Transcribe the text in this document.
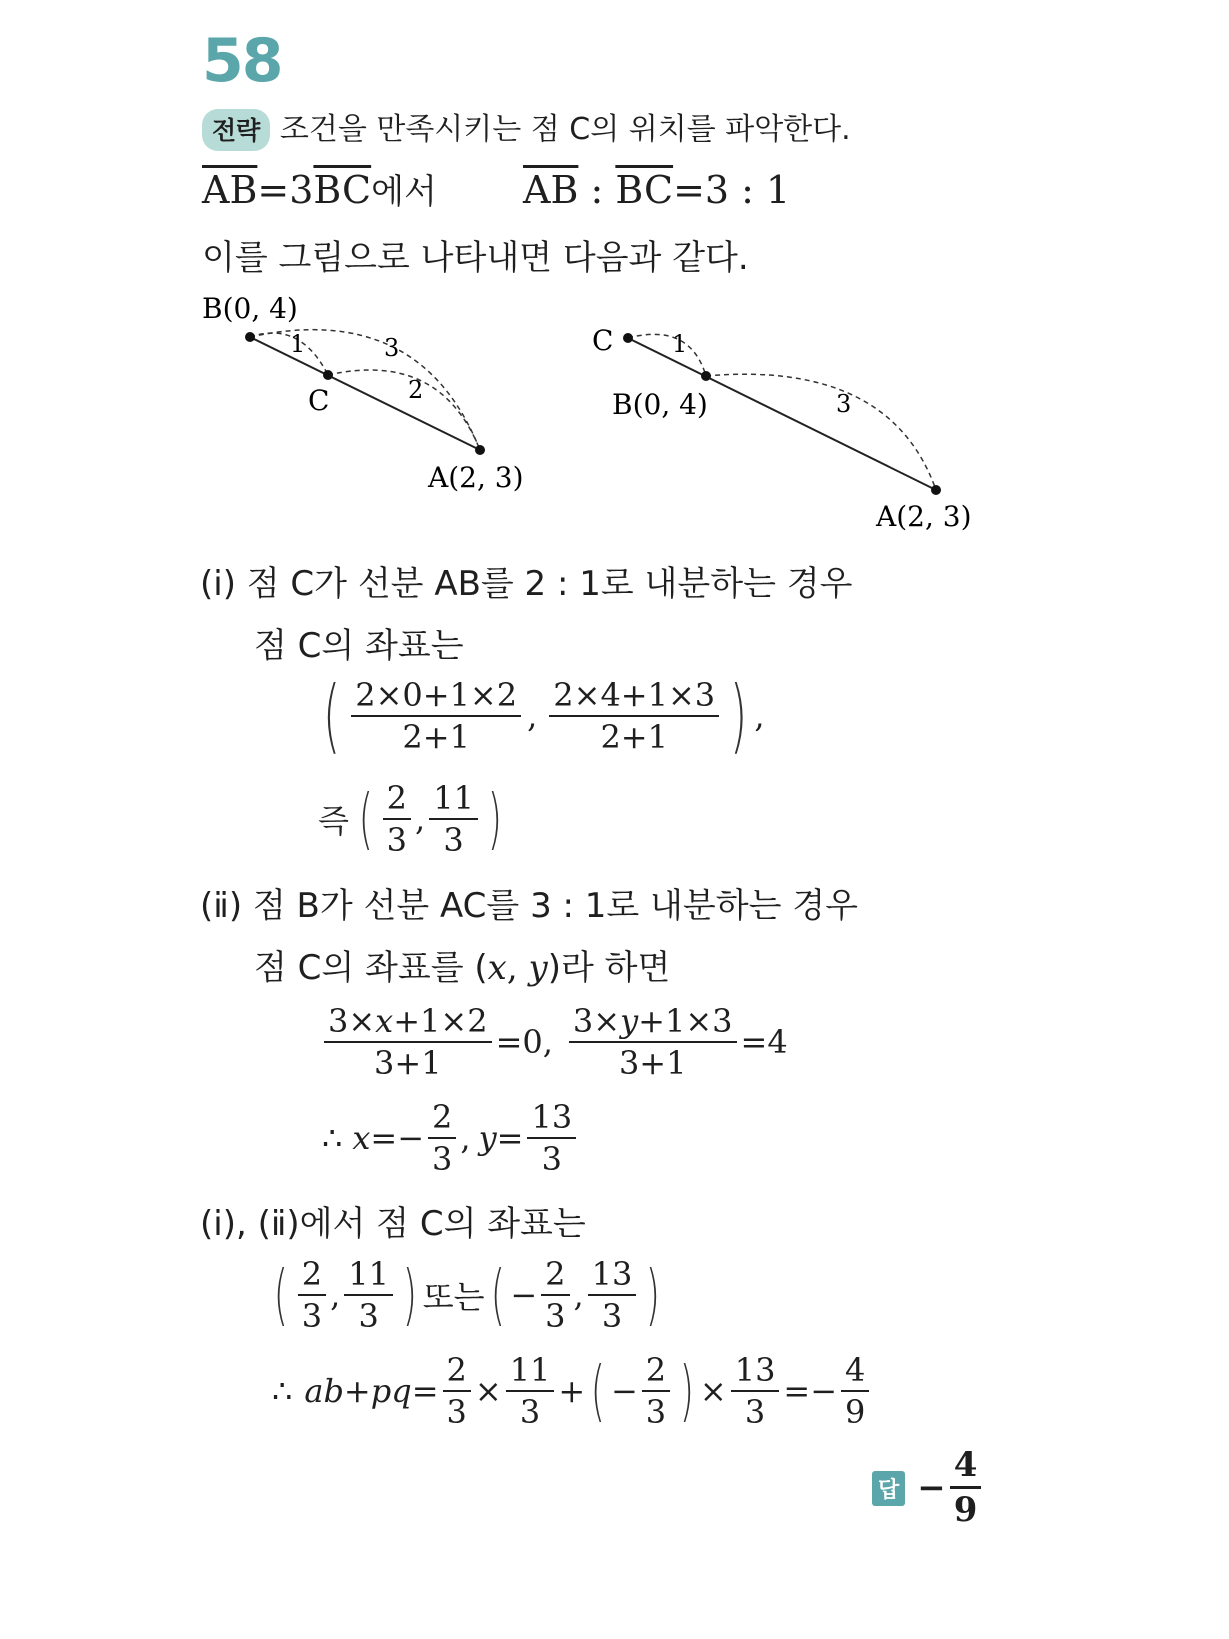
58
전략 조건을 만족시키는 점 C의 위치를 파악한다.
$\overline{AB}=3\overline{BC}$에서 $\overline{AB}$ : $\overline{BC}=3$ : 1
이를 그림으로 나타내면 다음과 같다.
B(0, 4)
C
A(2, 3)
1	3
2
C
B(0, 4)
A(2, 3)
1
3
(ⅰ) 점 C가 선분 AB를 2 : 1로 내분하는 경우
점 C의 좌표는
( $\frac{2\times 0+1\times 2}{2+1}$ , $\frac{2\times 4+1\times 3}{2+1}$ ) ,
즉 ( $\frac{2}{3}$ , $\frac{11}{3}$ )
(ⅱ) 점 B가 선분 AC를 3 : 1로 내분하는 경우
점 C의 좌표를 (x, y)라 하면
$\frac{3\times x+1\times 2}{3+1} =0$, $\frac{3\times y+1\times 3}{3+1} =4$
∴ $x =- \frac{2}{3}$ , $y = \frac{13}{3}$
(ⅰ), (ⅱ)에서 점 C의 좌표는
( $\frac{2}{3}$ , $\frac{11}{3}$ ) 또는 ( − $\frac{2}{3}$ , $\frac{13}{3}$ )
∴ $ab+pq = \frac{2}{3} \times \frac{11}{3}$ + ( − $\frac{2}{3}$ ) × $\frac{13}{3} =- \frac{4}{9}$
답 − $\frac{4}{9}$
